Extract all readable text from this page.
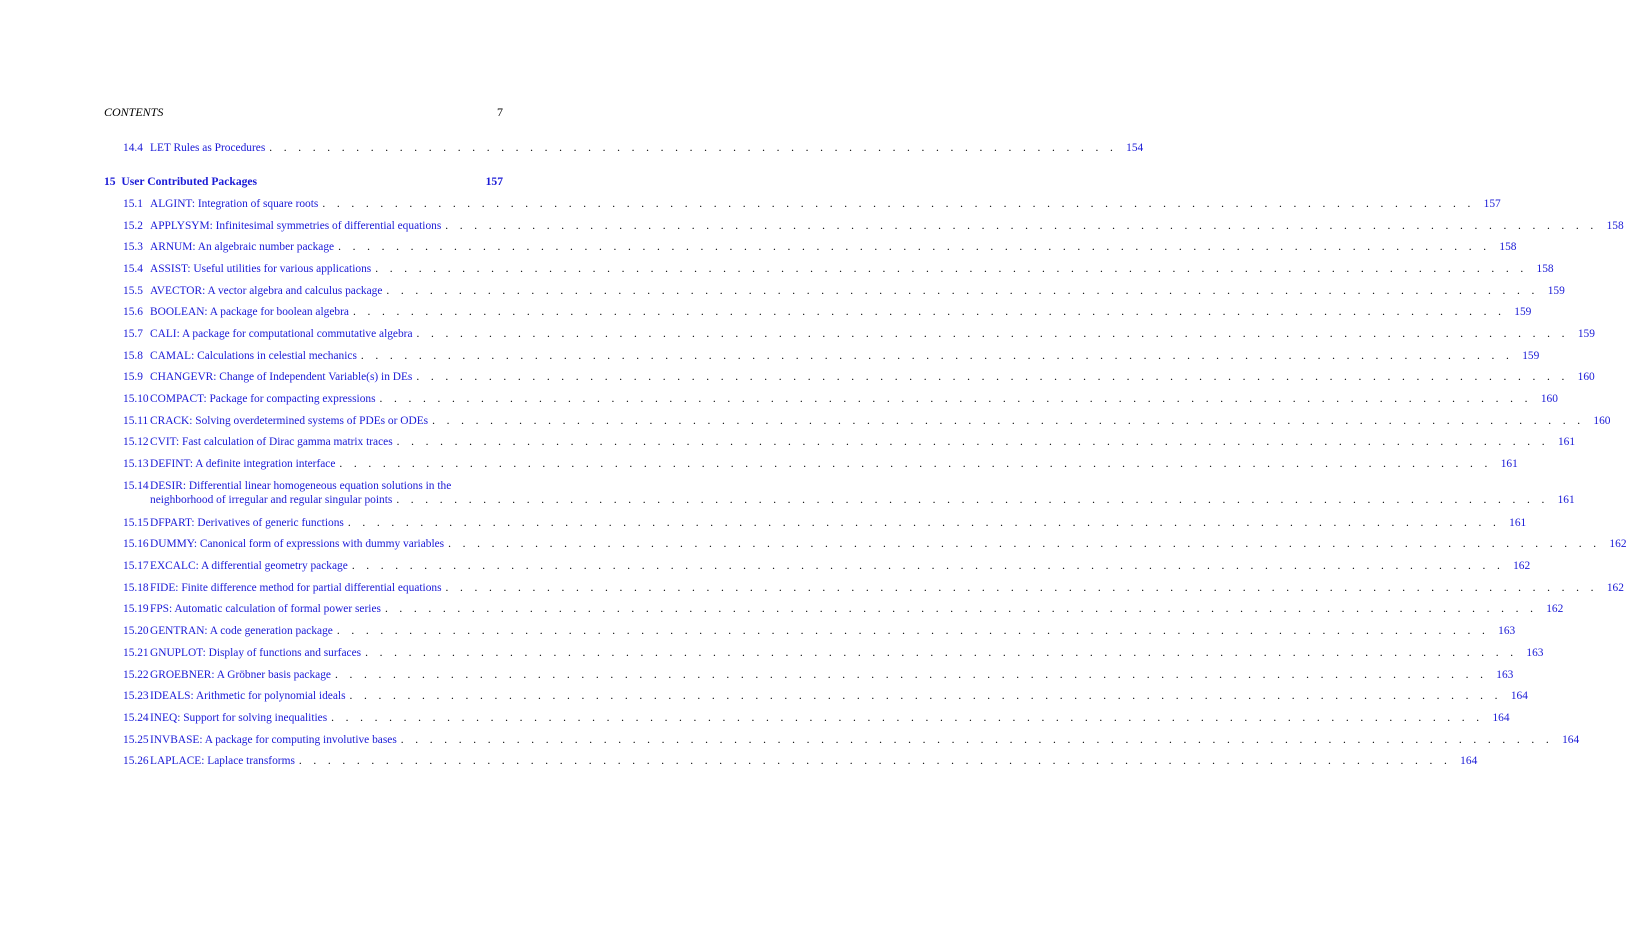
CONTENTS	7
14.4 LET Rules as Procedures . . . . . . . . . . . . . . . . . . . . . . . . . . . . . . . . . . . . . . . . . . . . . . . . . . . . . . . . . . . 154
15 User Contributed Packages	157
15.1 ALGINT: Integration of square roots . . . . . . . . . . . . . . . . . . . . . . . . . . . . . . . . . . . . . . . . . . . . . . . . . . . . . . . . . . . . . . . . . . . . . . . . . . . . . . . . 157
15.2 APPLYSYM: Infinitesimal symmetries of differential equations . . . . . . . . . . . . . . . . . . . . . . . . . . . . . . . . . . . . . . . . . . . . . . . . . . . . . . . . . . . . . . . . . . . . . . . . . . . . . . . . 158
15.3 ARNUM: An algebraic number package . . . . . . . . . . . . . . . . . . . . . . . . . . . . . . . . . . . . . . . . . . . . . . . . . . . . . . . . . . . . . . . . . . . . . . . . . . . . . . . . 158
15.4 ASSIST: Useful utilities for various applications . . . . . . . . . . . . . . . . . . . . . . . . . . . . . . . . . . . . . . . . . . . . . . . . . . . . . . . . . . . . . . . . . . . . . . . . . . . . . . . . 158
15.5 AVECTOR: A vector algebra and calculus package . . . . . . . . . . . . . . . . . . . . . . . . . . . . . . . . . . . . . . . . . . . . . . . . . . . . . . . . . . . . . . . . . . . . . . . . . . . . . . . . 159
15.6 BOOLEAN: A package for boolean algebra . . . . . . . . . . . . . . . . . . . . . . . . . . . . . . . . . . . . . . . . . . . . . . . . . . . . . . . . . . . . . . . . . . . . . . . . . . . . . . . . 159
15.7 CALI: A package for computational commutative algebra . . . . . . . . . . . . . . . . . . . . . . . . . . . . . . . . . . . . . . . . . . . . . . . . . . . . . . . . . . . . . . . . . . . . . . . . . . . . . . . . 159
15.8 CAMAL: Calculations in celestial mechanics . . . . . . . . . . . . . . . . . . . . . . . . . . . . . . . . . . . . . . . . . . . . . . . . . . . . . . . . . . . . . . . . . . . . . . . . . . . . . . . . 159
15.9 CHANGEVR: Change of Independent Variable(s) in DEs . . . . . . . . . . . . . . . . . . . . . . . . . . . . . . . . . . . . . . . . . . . . . . . . . . . . . . . . . . . . . . . . . . . . . . . . . . . . . . . . 160
15.10 COMPACT: Package for compacting expressions . . . . . . . . . . . . . . . . . . . . . . . . . . . . . . . . . . . . . . . . . . . . . . . . . . . . . . . . . . . . . . . . . . . . . . . . . . . . . . . . 160
15.11 CRACK: Solving overdetermined systems of PDEs or ODEs . . . . . . . . . . . . . . . . . . . . . . . . . . . . . . . . . . . . . . . . . . . . . . . . . . . . . . . . . . . . . . . . . . . . . . . . . . . . . . . . 160
15.12 CVIT: Fast calculation of Dirac gamma matrix traces . . . . . . . . . . . . . . . . . . . . . . . . . . . . . . . . . . . . . . . . . . . . . . . . . . . . . . . . . . . . . . . . . . . . . . . . . . . . . . . . 161
15.13 DEFINT: A definite integration interface . . . . . . . . . . . . . . . . . . . . . . . . . . . . . . . . . . . . . . . . . . . . . . . . . . . . . . . . . . . . . . . . . . . . . . . . . . . . . . . . 161
15.14 DESIR: Differential linear homogeneous equation solutions in the
neighborhood of irregular and regular singular points . . . . . . . . . . . . . . . . . . . . . . . . . . . . . . . . . . . . . . . . . . . . . . . . . . . . . . . . . . . . . . . . . . . . . . . . . . . . . . . . 161
15.15 DFPART: Derivatives of generic functions . . . . . . . . . . . . . . . . . . . . . . . . . . . . . . . . . . . . . . . . . . . . . . . . . . . . . . . . . . . . . . . . . . . . . . . . . . . . . . . . 161
15.16 DUMMY: Canonical form of expressions with dummy variables . . . . . . . . . . . . . . . . . . . . . . . . . . . . . . . . . . . . . . . . . . . . . . . . . . . . . . . . . . . . . . . . . . . . . . . . . . . . . . . . 162
15.17 EXCALC: A differential geometry package . . . . . . . . . . . . . . . . . . . . . . . . . . . . . . . . . . . . . . . . . . . . . . . . . . . . . . . . . . . . . . . . . . . . . . . . . . . . . . . . 162
15.18 FIDE: Finite difference method for partial differential equations . . . . . . . . . . . . . . . . . . . . . . . . . . . . . . . . . . . . . . . . . . . . . . . . . . . . . . . . . . . . . . . . . . . . . . . . . . . . . . . . 162
15.19 FPS: Automatic calculation of formal power series . . . . . . . . . . . . . . . . . . . . . . . . . . . . . . . . . . . . . . . . . . . . . . . . . . . . . . . . . . . . . . . . . . . . . . . . . . . . . . . . 162
15.20 GENTRAN: A code generation package . . . . . . . . . . . . . . . . . . . . . . . . . . . . . . . . . . . . . . . . . . . . . . . . . . . . . . . . . . . . . . . . . . . . . . . . . . . . . . . . 163
15.21 GNUPLOT: Display of functions and surfaces . . . . . . . . . . . . . . . . . . . . . . . . . . . . . . . . . . . . . . . . . . . . . . . . . . . . . . . . . . . . . . . . . . . . . . . . . . . . . . . . 163
15.22 GROEBNER: A Gröbner basis package . . . . . . . . . . . . . . . . . . . . . . . . . . . . . . . . . . . . . . . . . . . . . . . . . . . . . . . . . . . . . . . . . . . . . . . . . . . . . . . . 163
15.23 IDEALS: Arithmetic for polynomial ideals . . . . . . . . . . . . . . . . . . . . . . . . . . . . . . . . . . . . . . . . . . . . . . . . . . . . . . . . . . . . . . . . . . . . . . . . . . . . . . . . 164
15.24 INEQ: Support for solving inequalities . . . . . . . . . . . . . . . . . . . . . . . . . . . . . . . . . . . . . . . . . . . . . . . . . . . . . . . . . . . . . . . . . . . . . . . . . . . . . . . . 164
15.25 INVBASE: A package for computing involutive bases . . . . . . . . . . . . . . . . . . . . . . . . . . . . . . . . . . . . . . . . . . . . . . . . . . . . . . . . . . . . . . . . . . . . . . . . . . . . . . . . 164
15.26 LAPLACE: Laplace transforms . . . . . . . . . . . . . . . . . . . . . . . . . . . . . . . . . . . . . . . . . . . . . . . . . . . . . . . . . . . . . . . . . . . . . . . . . . . . . . . . 164
